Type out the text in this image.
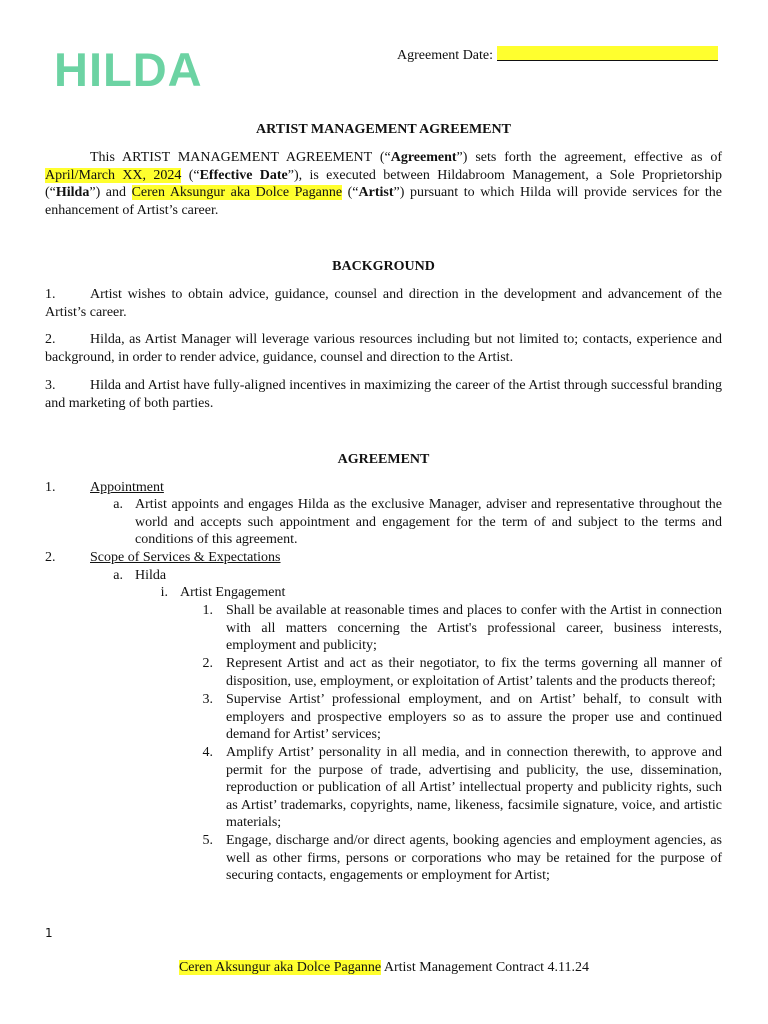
HILDA	Agreement Date:
ARTIST MANAGEMENT AGREEMENT
This ARTIST MANAGEMENT AGREEMENT (“Agreement”) sets forth the agreement, effective as of April/March XX, 2024 (“Effective Date”), is executed between Hildabroom Management, a Sole Proprietorship (“Hilda”) and Ceren Aksungur aka Dolce Paganne (“Artist”) pursuant to which Hilda will provide services for the enhancement of Artist’s career.
BACKGROUND
1. Artist wishes to obtain advice, guidance, counsel and direction in the development and advancement of the Artist’s career.
2. Hilda, as Artist Manager will leverage various resources including but not limited to; contacts, experience and background, in order to render advice, guidance, counsel and direction to the Artist.
3. Hilda and Artist have fully-aligned incentives in maximizing the career of the Artist through successful branding and marketing of both parties.
AGREEMENT
1. Appointment
a. Artist appoints and engages Hilda as the exclusive Manager, adviser and representative throughout the world and accepts such appointment and engagement for the term of and subject to the terms and conditions of this agreement.
2. Scope of Services & Expectations
a. Hilda
i. Artist Engagement
1. Shall be available at reasonable times and places to confer with the Artist in connection with all matters concerning the Artist's professional career, business interests, employment and publicity;
2. Represent Artist and act as their negotiator, to fix the terms governing all manner of disposition, use, employment, or exploitation of Artist’ talents and the products thereof;
3. Supervise Artist’ professional employment, and on Artist’ behalf, to consult with employers and prospective employers so as to assure the proper use and continued demand for Artist’ services;
4. Amplify Artist’ personality in all media, and in connection therewith, to approve and permit for the purpose of trade, advertising and publicity, the use, dissemination, reproduction or publication of all Artist’ intellectual property and publicity rights, such as Artist’ trademarks, copyrights, name, likeness, facsimile signature, voice, and artistic materials;
5. Engage, discharge and/or direct agents, booking agencies and employment agencies, as well as other firms, persons or corporations who may be retained for the purpose of securing contacts, engagements or employment for Artist;
1
Ceren Aksungur aka Dolce Paganne Artist Management Contract 4.11.24
